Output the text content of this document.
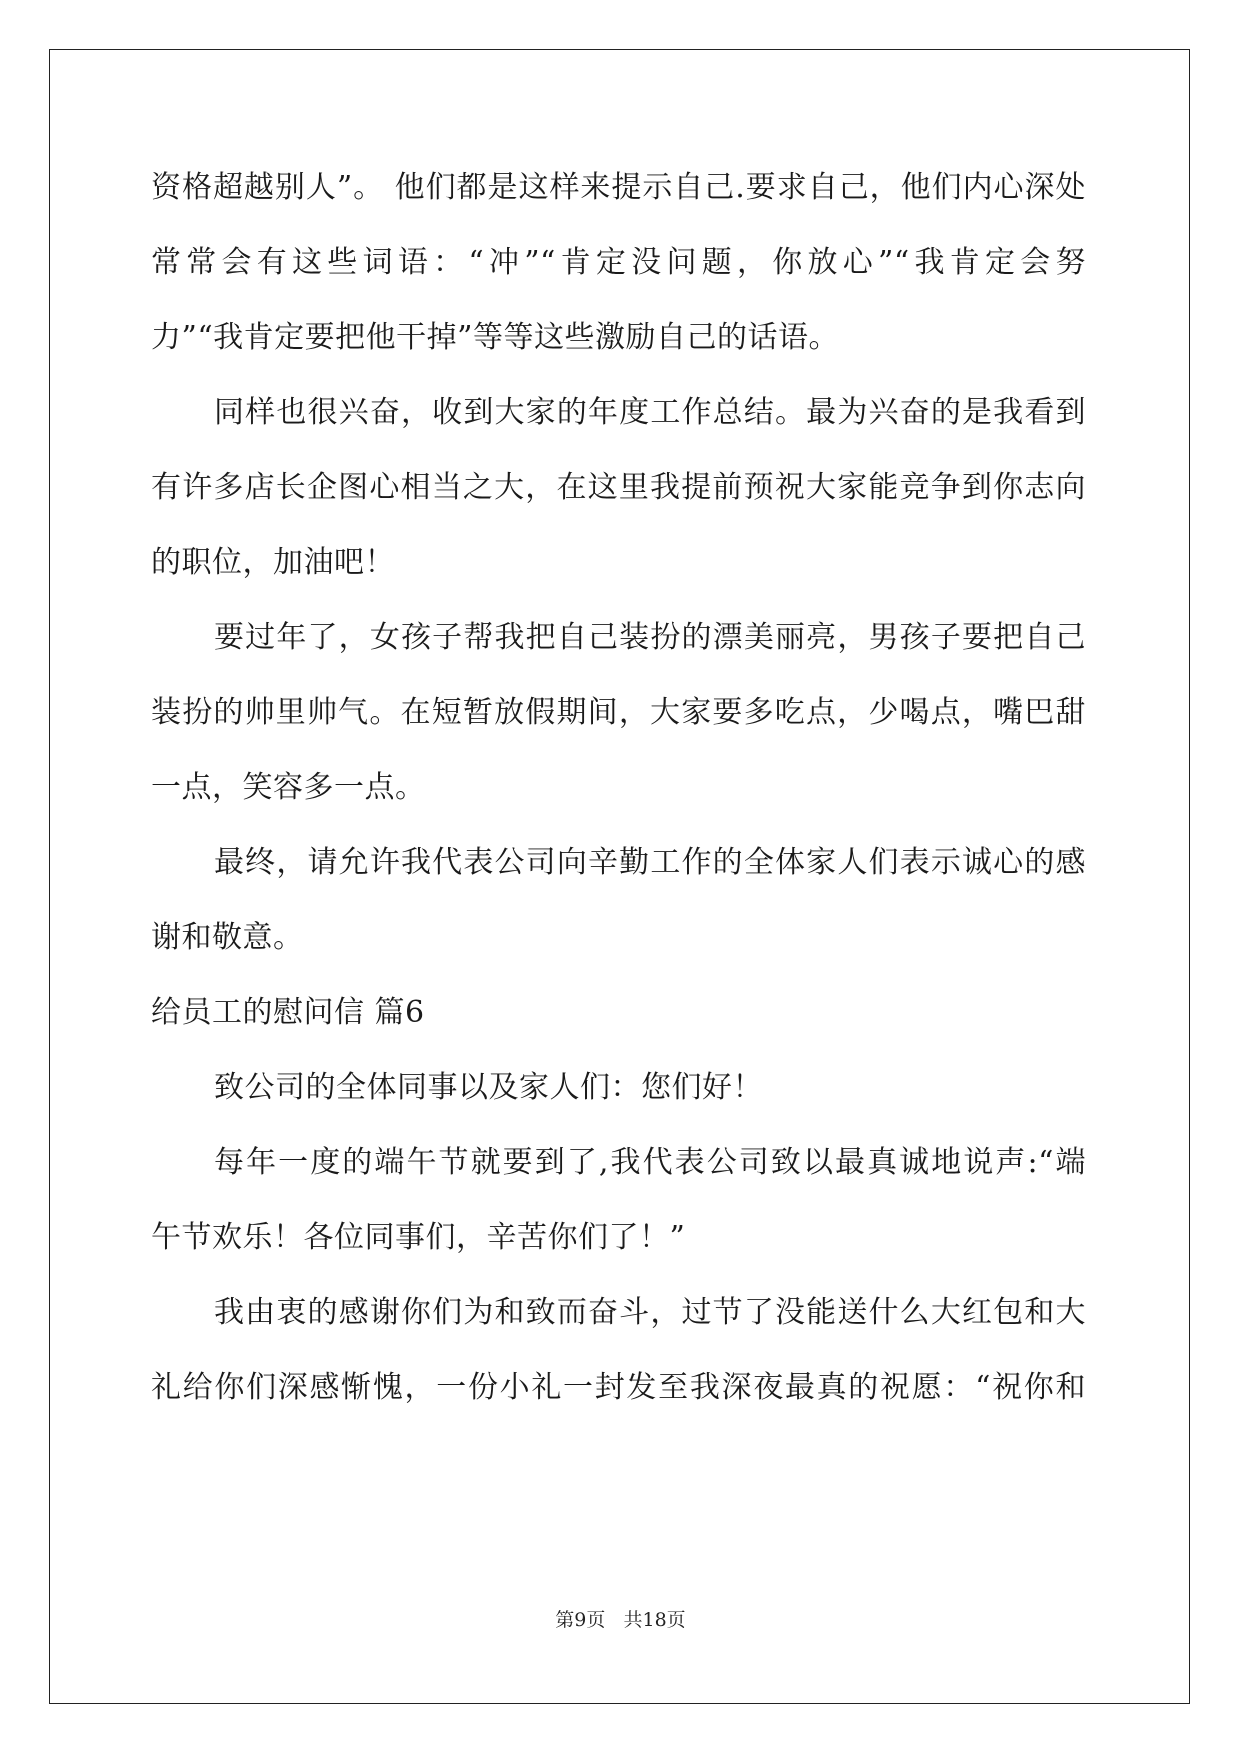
资格超越别人”。 他们都是这样来提示自己.要求自己，他们内心深处
常常会有这些词语：“冲”“肯定没问题，你放心”“我肯定会努
力”“我肯定要把他干掉”等等这些激励自己的话语。
同样也很兴奋，收到大家的年度工作总结。最为兴奋的是我看到
有许多店长企图心相当之大，在这里我提前预祝大家能竞争到你志向
的职位，加油吧！
要过年了，女孩子帮我把自己装扮的漂美丽亮，男孩子要把自己
装扮的帅里帅气。在短暂放假期间，大家要多吃点，少喝点，嘴巴甜
一点，笑容多一点。
最终，请允许我代表公司向辛勤工作的全体家人们表示诚心的感
谢和敬意。
给员工的慰问信 篇6
致公司的全体同事以及家人们：您们好！
每年一度的端午节就要到了,我代表公司致以最真诚地说声:“端
午节欢乐！各位同事们，辛苦你们了！”
我由衷的感谢你们为和致而奋斗，过节了没能送什么大红包和大
礼给你们深感惭愧，一份小礼一封发至我深夜最真的祝愿：“祝你和
第9页   共18页
